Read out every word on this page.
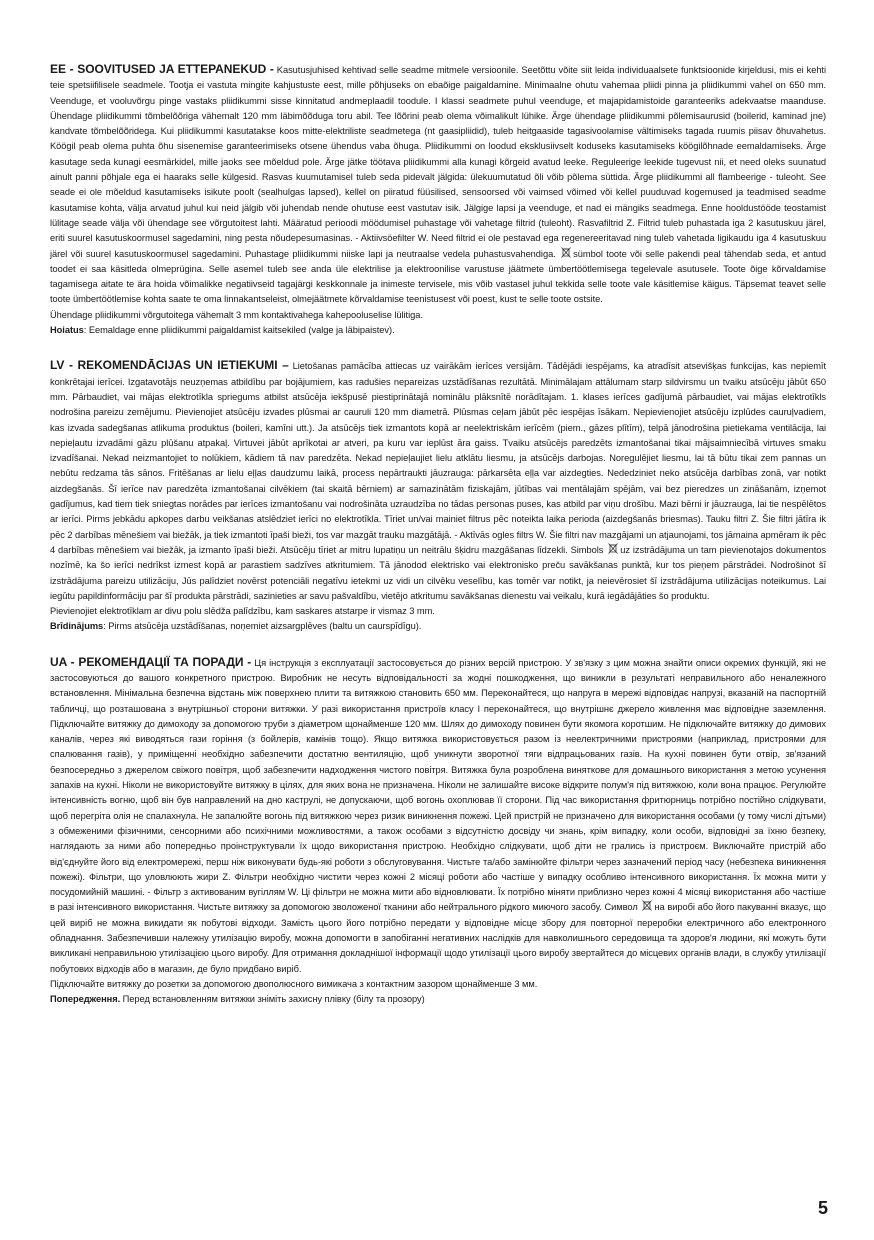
EE - SOOVITUSED JA ETTEPANEKUD - Kasutusjuhised kehtivad selle seadme mitmele versioonile. Seetõttu võite siit leida individuaalsete funktsioonide kirjeldusi, mis ei kehti teie spetsiifilisele seadmele. Tootja ei vastuta mingite kahjustuste eest, mille põhjuseks on ebaõige paigaldamine. Minimaalne ohutu vahemaa pliidi pinna ja pliidikummi vahel on 650 mm. Veenduge, et vooluvõrgu pinge vastaks pliidikummi sisse kinnitatud andmeplaadil toodule. I klassi seadmete puhul veenduge, et majapidamistoide garanteeriks adekvaatse maanduse. Ühendage pliidikummi tõmbelõõriga vähemalt 120 mm läbimõõduga toru abil. Tee lõõrini peab olema võimalikult lühike. Ärge ühendage pliidikummi põlemisaurusid (boilerid, kaminad jne) kandvate tõmbelõõridega. Kui pliidikummi kasutatakse koos mitte-elektriliste seadmetega (nt gaasipliidid), tuleb heitgaaside tagasivoolamise vältimiseks tagada ruumis piisav õhuvahetus. Köögil peab olema puhta õhu sisenemise garanteerimiseks otsene ühendus vaba õhuga. Pliidikummi on loodud eksklusiivselt koduseks kasutamiseks köögilõhnade eemaldamiseks. Ärge kasutage seda kunagi eesmärkidel, mille jaoks see mõeldud pole. Ärge jätke töötava pliidikummi alla kunagi kõrgeid avatud leeke. Reguleerige leekide tugevust nii, et need oleks suunatud ainult panni põhjale ega ei haaraks selle külgesid. Rasvas kuumutamisel tuleb seda pidevalt jälgida: ülekuumutatud õli võib põlema süttida. Ärge pliidikummi all flambeerige - tuleoht. See seade ei ole mõeldud kasutamiseks isikute poolt (sealhulgas lapsed), kellel on piiratud füüsilised, sensoorsed või vaimsed võimed või kellel puuduvad kogemused ja teadmised seadme kasutamise kohta, välja arvatud juhul kui neid jälgib või juhendab nende ohutuse eest vastutav isik. Jälgige lapsi ja veenduge, et nad ei mängiks seadmega. Enne hooldustööde teostamist lülitage seade välja või ühendage see võrgutoitest lahti. Määratud perioodi möödumisel puhastage või vahetage filtrid (tuleoht). Rasvafiltrid Z. Filtrid tuleb puhastada iga 2 kasutuskuu järel, eriti suurel kasutuskoormusel sagedamini, ning pesta nõudepesumasinas. - Aktiivsöefilter W. Need filtrid ei ole pestavad ega regenereeritavad ning tuleb vahetada ligikaudu iga 4 kasutuskuu järel või suurel kasutuskoormusel sagedamini. Puhastage pliidikummi niiske lapi ja neutraalse vedela puhastusvahendiga. sümbol toote või selle pakendi peal tähendab seda, et antud toodet ei saa käsitleda olmeprügina. Selle asemel tuleb see anda üle elektrilise ja elektroonilise varustuse jäätmete ümbertöötlemisega tegelevale asutusele. Toote õige kõrvaldamise tagamisega aitate te ära hoida võimalikke negatiivseid tagajärgi keskkonnale ja inimeste tervisele, mis võib vastasel juhul tekkida selle toote vale käsitlemise käigus. Täpsemat teavet selle toote ümbertöötlemise kohta saate te oma linnakantseleist, olmejäätmete kõrvaldamise teenistusest või poest, kust te selle toote ostsite.

Ühendage pliidikummi võrgutoitega vähemalt 3 mm kontaktivahega kahepooluselise lülitiga.

Hoiatus: Eemaldage enne pliidikummi paigaldamist kaitsekiled (valge ja läbipaistev).

LV - REKOMENDĀCIJAS UN IETIEKUMI – Lietošanas pamācība attiecas uz vairākām ierīces versijām. Tādējādi iespējams, ka atradīsit atsevišķas funkcijas, kas nepiemīt konkrētajai ierīcei. Izgatavotājs neuzņemas atbildību par bojājumiem, kas radušies nepareizas uzstādīšanas rezultātā. Minimālajam attālumam starp sildvirsmu un tvaiku atsūcēju jābūt 650 mm. Pārbaudiet, vai mājas elektrotīkla spriegums atbilst atsūcēja iekšpusē piestiprinātajā nominālu plāksnītē norādītajam. 1. klases ierīces gadījumā pārbaudiet, vai mājas elektrotīkls nodrošina pareizu zemējumu. Pievienojiet atsūcēju izvades plūsmai ar cauruli 120 mm diametrā. Plūsmas ceļam jābūt pēc iespējas īsākam. Nepievienojiet atsūcēju izplūdes cauruļvadiem, kas izvada sadegšanas atlikuma produktus (boileri, kamīni utt.). Ja atsūcējs tiek izmantots kopā ar neelektriskām ierīcēm (piem., gāzes plītīm), telpā jānodrošina pietiekama ventilācija, lai nepieļautu izvadāmi gāzu plūšanu atpakaļ. Virtuvei jābūt aprīkotai ar atveri, pa kuru var ieplūst āra gaiss. Tvaiku atsūcējs paredzēts izmantošanai tikai mājsaimniecībā virtuves smaku izvadīšanai. Nekad neizmantojiet to nolūkiem, kādiem tā nav paredzēta. Nekad nepieļaujiet lielu atklātu liesmu, ja atsūcējs darbojas. Noregulējiet liesmu, lai tā būtu tikai zem pannas un nebūtu redzama tās sānos. Fritēšanas ar lielu eļļas daudzumu laikā, process nepārtraukti jāuzrauga: pārkarsēta eļļa var aizdegties. Nededziniet neko atsūcēja darbības zonā, var notikt aizdegšanās. Šī ierīce nav paredzēta izmantošanai cilvēkiem (tai skaitā bērniem) ar samazinātām fiziskajām, jūtības vai mentālajām spējām, vai bez pieredzes un zināšanām, izņemot gadījumus, kad tiem tiek sniegtas norādes par ierīces izmantošanu vai nodrošināta uzraudzība no tādas personas puses, kas atbild par viņu drošību. Mazi bērni ir jāuzrauga, lai tie nespēlētos ar ierīci. Pirms jebkādu apkopes darbu veikšanas atslēdziet ierīci no elektrotīkla. Tīriet un/vai mainiet filtrus pēc noteikta laika perioda (aizdegšanās briesmas). Tauku filtri Z. Šie filtri jātīra ik pēc 2 darbības mēnešiem vai biežāk, ja tiek izmantoti īpaši bieži, tos var mazgāt trauku mazgātājā. - Aktīvās ogles filtrs W. Šie filtri nav mazgājami un atjaunojami, tos jāmaina apmēram ik pēc 4 darbības mēnešiem vai biežāk, ja izmanto īpaši bieži. Atsūcēju tīriet ar mitru lupatiņu un neitrālu šķidru mazgāšanas līdzekli. Simbols uz izstrādājuma un tam pievienotajos dokumentos nozīmē, ka šo ierīci nedrīkst izmest kopā ar parastiem sadzīves atkritumiem. Tā jānodod elektrisko vai elektronisko preču savākšanas punktā, kur tos pieņem pārstrādei. Nodrošinot šī izstrādājuma pareizu utilizāciju, Jūs palīdziet novērst potenciāli negatīvu ietekmi uz vidi un cilvēku veselību, kas tomēr var notikt, ja neievērosiet šī izstrādājuma utilizācijas noteikumus. Lai iegūtu papildinformāciju par šī produkta pārstrādi, sazinieties ar savu pašvaldību, vietējo atkritumu savākšanas dienestu vai veikalu, kurā iegādājāties šo produktu.

Pievienojiet elektrotīklam ar divu polu slēdža palīdzību, kam saskares atstarpe ir vismaz 3 mm.

Brīdinājums: Pirms atsūcēja uzstādīšanas, noņemiet aizsargplēves (baltu un caurspīdīgu).

UA - РЕКОМЕНДАЦІЇ ТА ПОРАДИ - Ця інструкція з експлуатації застосовується до різних версій пристрою. У зв'язку з цим можна знайти описи окремих функцій, які не застосовуються до вашого конкретного пристрою. Виробник не несуть відповідальності за жодні пошкодження, що виникли в результаті неправильного або неналежного встановлення. Мінімальна безпечна відстань між поверхнею плити та витяжкою становить 650 мм. Переконайтеся, що напруга в мережі відповідає напрузі, вказаній на паспортній табличці, що розташована з внутрішньої сторони витяжки. У разі використання пристроїв класу I переконайтеся, що внутрішнє джерело живлення має відповідне заземлення. Підключайте витяжку до димоходу за допомогою труби з діаметром щонайменше 120 мм. Шлях до димоходу повинен бути якомога коротшим. Не підключайте витяжку до димових каналів, через які виводяться гази горіння (з бойлерів, камінів тощо). Якщо витяжка використовується разом із неелектричними пристроями (наприклад, пристроями для спалювання газів), у приміщенні необхідно забезпечити достатню вентиляцію, щоб уникнути зворотної тяги відпрацьованих газів. На кухні повинен бути отвір, зв'язаний безпосередньо з джерелом свіжого повітря, щоб забезпечити надходження чистого повітря. Витяжка була розроблена виняткове для домашнього використання з метою усунення запахів на кухні. Ніколи не використовуйте витяжку в цілях, для яких вона не призначена. Ніколи не залишайте високе відкрите полум'я під витяжкою, коли вона працює. Регулюйте інтенсивність вогню, щоб він був направлений на дно каструлі, не допускаючи, щоб вогонь охоплював її сторони. Під час використання фритюрниць потрібно постійно слідкувати, щоб перегріта олія не спалахнула. Не запалюйте вогонь під витяжкою через ризик виникнення пожежі. Цей пристрій не призначено для використання особами (у тому числі дітьми) з обмеженими фізичними, сенсорними або психічними можливостями, а також особами з відсутністю досвіду чи знань, крім випадку, коли особи, відповідні за їхню безпеку, наглядають за ними або попередньо проінструктували їх щодо використання пристрою. Необхідно слідкувати, щоб діти не грались із пристроєм. Виключайте пристрій або від'єднуйте його від електромережі, перш ніж виконувати будь-які роботи з обслуговування. Чистьте та/або замінюйте фільтри через зазначений період часу (небезпека виникнення пожежі). Фільтри, що уловлюють жири Z. Фільтри необхідно чистити через кожні 2 місяці роботи або частіше у випадку особливо інтенсивного використання. Їх можна мити у посудомийній машині. - Фільтр з активованим вугіллям W. Ці фільтри не можна мити або відновлювати. Їх потрібно міняти приблизно через кожні 4 місяці використання або частіше в разі інтенсивного використання. Чистьте витяжку за допомогою зволоженої тканини або нейтрального рідкого миючого засобу. Символ на виробі або його пакуванні вказує, що цей виріб не можна викидати як побутові відходи. Замість цього його потрібно передати у відповідне місце збору для повторної переробки електричного або електронного обладнання. Забезпечивши належну утилізацію виробу, можна допомогти в запобіганні негативних наслідків для навколишнього середовища та здоров'я людини, які можуть бути викликані неправильною утилізацією цього виробу. Для отримання докладнішої інформації щодо утилізації цього виробу звертайтеся до місцевих органів влади, в службу утилізації побутових відходів або в магазин, де було придбано виріб.

Підключайте витяжку до розетки за допомогою двополюсного вимикача з контактним зазором щонайменше 3 мм.

Попередження. Перед встановленням витяжки зніміть захисну плівку (білу та прозору)

5
